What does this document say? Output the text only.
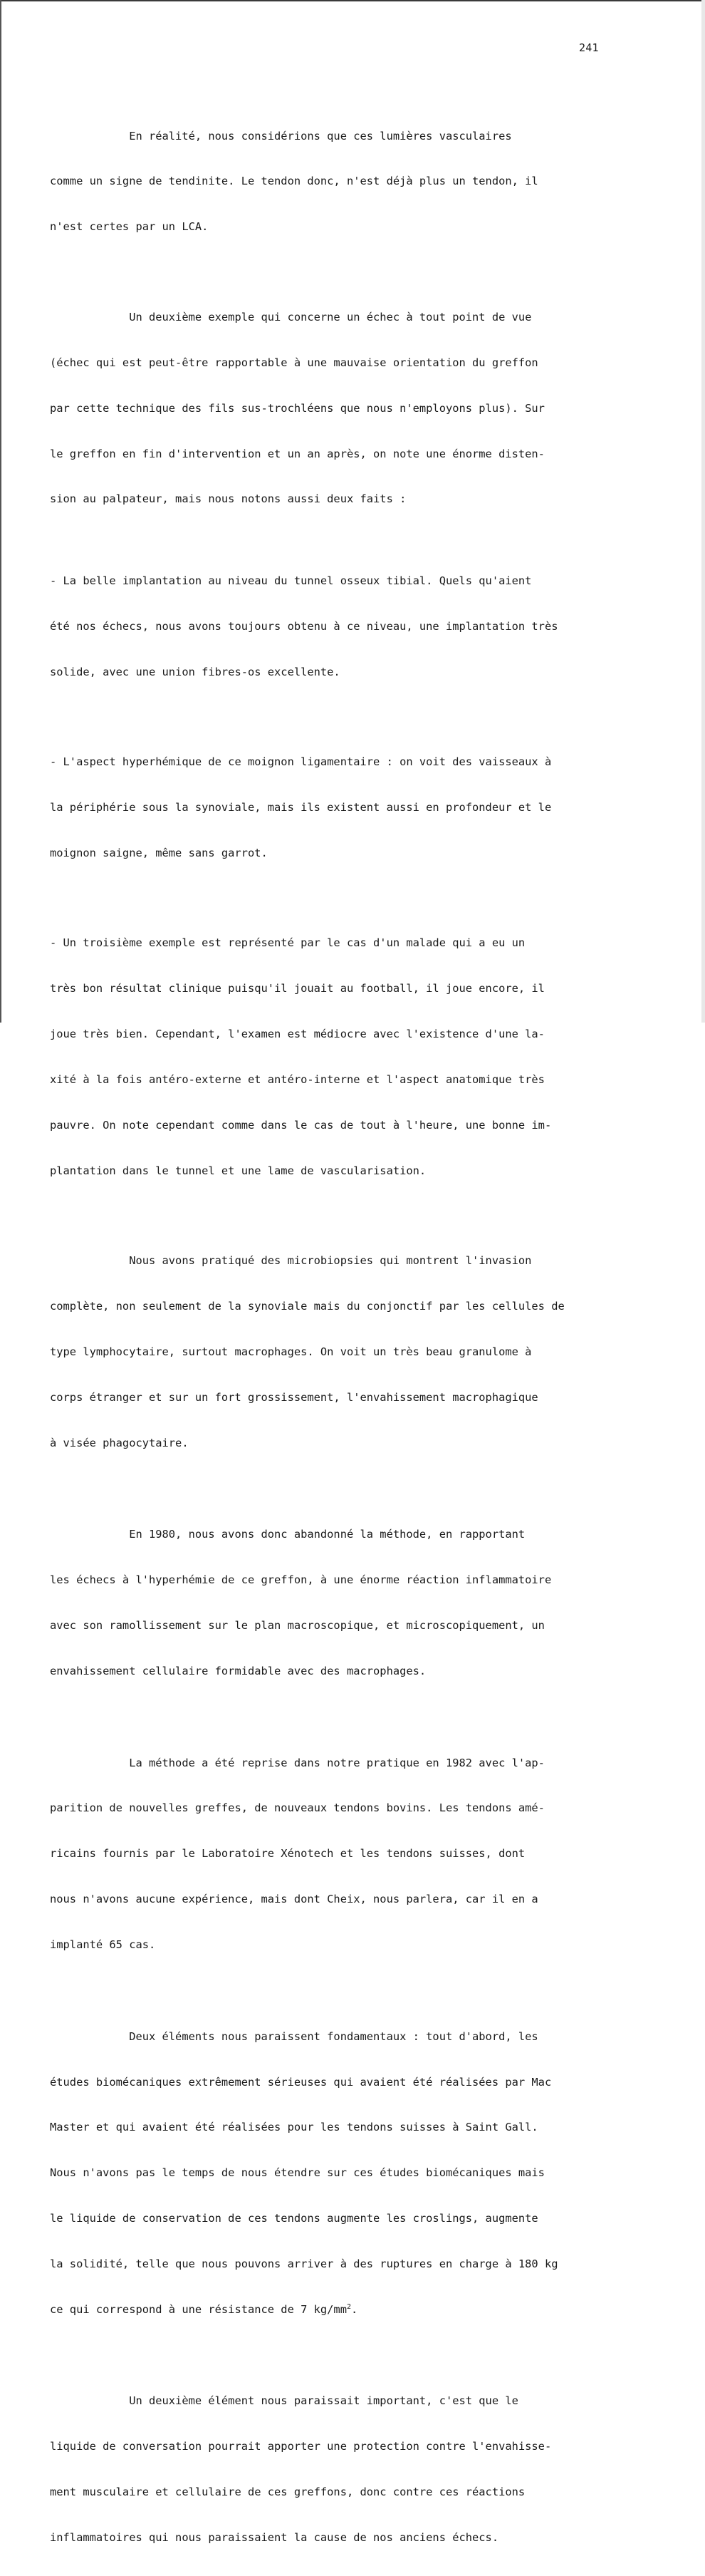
241

En réalité, nous considérions que ces lumières vasculaires

comme un signe de tendinite. Le tendon donc, n'est déjà plus un tendon, il

n'est certes par un LCA.

Un deuxième exemple qui concerne un échec à tout point de vue

(échec qui est peut-être rapportable à une mauvaise orientation du greffon

par cette technique des fils sus-trochléens que nous n'employons plus). Sur

le greffon en fin d'intervention et un an après, on note une énorme disten-

sion au palpateur, mais nous notons aussi deux faits :

- La belle implantation au niveau du tunnel osseux tibial. Quels qu'aient

été nos échecs, nous avons toujours obtenu à ce niveau, une implantation très

solide, avec une union fibres-os excellente.

- L'aspect hyperhémique de ce moignon ligamentaire : on voit des vaisseaux à

la périphérie sous la synoviale, mais ils existent aussi en profondeur et le

moignon saigne, même sans garrot.

- Un troisième exemple est représenté par le cas d'un malade qui a eu un

très bon résultat clinique puisqu'il jouait au football, il joue encore, il

joue très bien. Cependant, l'examen est médiocre avec l'existence d'une la-

xité à la fois antéro-externe et antéro-interne et l'aspect anatomique très

pauvre. On note cependant comme dans le cas de tout à l'heure, une bonne im-

plantation dans le tunnel et une lame de vascularisation.

Nous avons pratiqué des microbiopsies qui montrent l'invasion

complète, non seulement de la synoviale mais du conjonctif par les cellules de

type lymphocytaire, surtout macrophages. On voit un très beau granulome à

corps étranger et sur un fort grossissement, l'envahissement macrophagique

à visée phagocytaire.

En 1980, nous avons donc abandonné la méthode, en rapportant

les échecs à l'hyperhémie de ce greffon, à une énorme réaction inflammatoire

avec son ramollissement sur le plan macroscopique, et microscopiquement, un

envahissement cellulaire formidable avec des macrophages.

La méthode a été reprise dans notre pratique en 1982 avec l'ap-

parition de nouvelles greffes, de nouveaux tendons bovins. Les tendons amé-

ricains fournis par le Laboratoire Xénotech et les tendons suisses, dont

nous n'avons aucune expérience, mais dont Cheix, nous parlera, car il en a

implanté 65 cas.

Deux éléments nous paraissent fondamentaux : tout d'abord, les

études biomécaniques extrêmement sérieuses qui avaient été réalisées par Mac

Master et qui avaient été réalisées pour les tendons suisses à Saint Gall.

Nous n'avons pas le temps de nous étendre sur ces études biomécaniques mais

le liquide de conservation de ces tendons augmente les croslings, augmente

la solidité, telle que nous pouvons arriver à des ruptures en charge à 180 kg

ce qui correspond à une résistance de 7 $kg/mm^2$.

Un deuxième élément nous paraissait important, c'est que le

liquide de conversation pourrait apporter une protection contre l'envahisse-

ment musculaire et cellulaire de ces greffons, donc contre ces réactions

inflammatoires qui nous paraissaient la cause de nos anciens échecs.
